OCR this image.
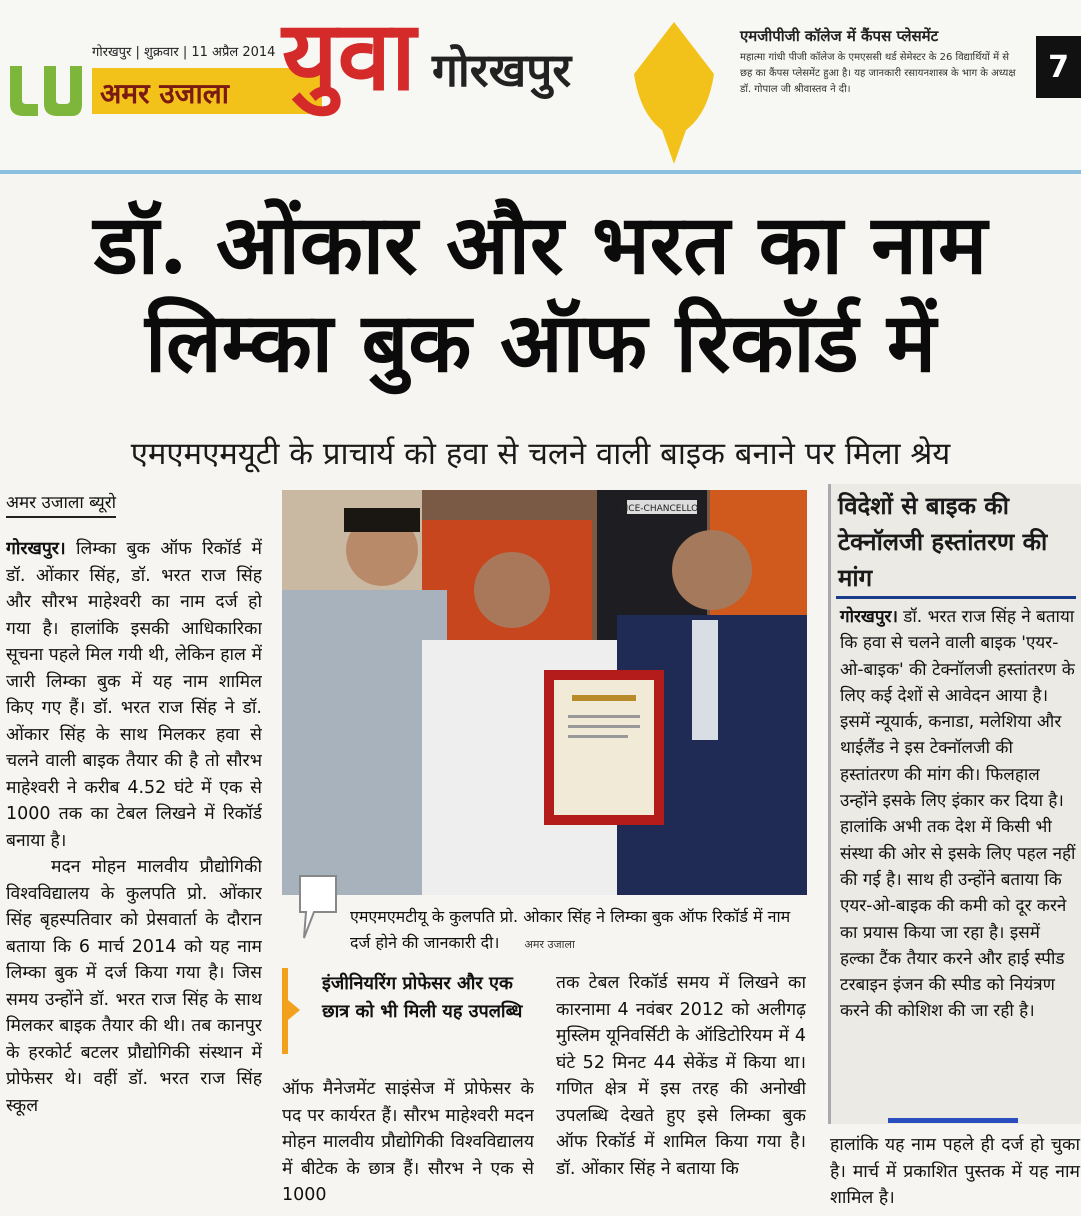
गोरखपुर | शुक्रवार | 11 अप्रैल 2014
अमर उजाला युवा गोरखपुर
एमजीपीजी कॉलेज में कैंपस प्लेसमेंट
महात्मा गांधी पीजी कॉलेज के एमएससी थर्ड सेमेस्टर के 26 विद्यार्थियों में से छह का कैंपस प्लेसमेंट हुआ है। यह जानकारी रसायनशास्त्र के भाग के अध्यक्ष डॉ. गोपाल जी श्रीवास्तव ने दी।
7
डॉ. ओंकार और भरत का नाम
लिम्का बुक ऑफ रिकॉर्ड में
एमएमएमयूटी के प्राचार्य को हवा से चलने वाली बाइक बनाने पर मिला श्रेय
अमर उजाला ब्यूरो
गोरखपुर। लिम्का बुक ऑफ रिकॉर्ड में डॉ. ओंकार सिंह, डॉ. भरत राज सिंह और सौरभ माहेश्वरी का नाम दर्ज हो गया है। हालांकि इसकी आधिकारिका सूचना पहले मिल गयी थी, लेकिन हाल में जारी लिम्का बुक में यह नाम शामिल किए गए हैं। डॉ. भरत राज सिंह ने डॉ. ओंकार सिंह के साथ मिलकर हवा से चलने वाली बाइक तैयार की है तो सौरभ माहेश्वरी ने करीब 4.52 घंटे में एक से 1000 तक का टेबल लिखने में रिकॉर्ड बनाया है।
मदन मोहन मालवीय प्रौद्योगिकी विश्वविद्यालय के कुलपति प्रो. ओंकार सिंह बृहस्पतिवार को प्रेसवार्ता के दौरान बताया कि 6 मार्च 2014 को यह नाम लिम्का बुक में दर्ज किया गया है। जिस समय उन्होंने डॉ. भरत राज सिंह के साथ मिलकर बाइक तैयार की थी। तब कानपुर के हरकोर्ट बटलर प्रौद्योगिकी संस्थान में प्रोफेसर थे। वहीं डॉ. भरत राज सिंह स्कूल
VICE-CHANCELLOR
एमएमएमटीयू के कुलपति प्रो. ओकार सिंह ने लिम्का बुक ऑफ रिकॉर्ड में नाम दर्ज होने की जानकारी दी। अमर उजाला
इंजीनियरिंग प्रोफेसर और एक छात्र को भी मिली यह उपलब्धि
ऑफ मैनेजमेंट साइंसेज में प्रोफेसर के पद पर कार्यरत हैं। सौरभ माहेश्वरी मदन मोहन मालवीय प्रौद्योगिकी विश्वविद्यालय में बीटेक के छात्र हैं। सौरभ ने एक से 1000
तक टेबल रिकॉर्ड समय में लिखने का कारनामा 4 नवंबर 2012 को अलीगढ़ मुस्लिम यूनिवर्सिटी के ऑडिटोरियम में 4 घंटे 52 मिनट 44 सेकेंड में किया था। गणित क्षेत्र में इस तरह की अनोखी उपलब्धि देखते हुए इसे लिम्का बुक ऑफ रिकॉर्ड में शामिल किया गया है। डॉ. ओंकार सिंह ने बताया कि
विदेशों से बाइक की टेक्नॉलजी हस्तांतरण की मांग
गोरखपुर। डॉ. भरत राज सिंह ने बताया कि हवा से चलने वाली बाइक 'एयर-ओ-बाइक' की टेक्नॉलजी हस्तांतरण के लिए कई देशों से आवेदन आया है। इसमें न्यूयार्क, कनाडा, मलेशिया और थाईलैंड ने इस टेक्नॉलजी की हस्तांतरण की मांग की। फिलहाल उन्होंने इसके लिए इंकार कर दिया है। हालांकि अभी तक देश में किसी भी संस्था की ओर से इसके लिए पहल नहीं की गई है। साथ ही उन्होंने बताया कि एयर-ओ-बाइक की कमी को दूर करने का प्रयास किया जा रहा है। इसमें हल्का टैंक तैयार करने और हाई स्पीड टरबाइन इंजन की स्पीड को नियंत्रण करने की कोशिश की जा रही है।
हालांकि यह नाम पहले ही दर्ज हो चुका है। मार्च में प्रकाशित पुस्तक में यह नाम शामिल है।
